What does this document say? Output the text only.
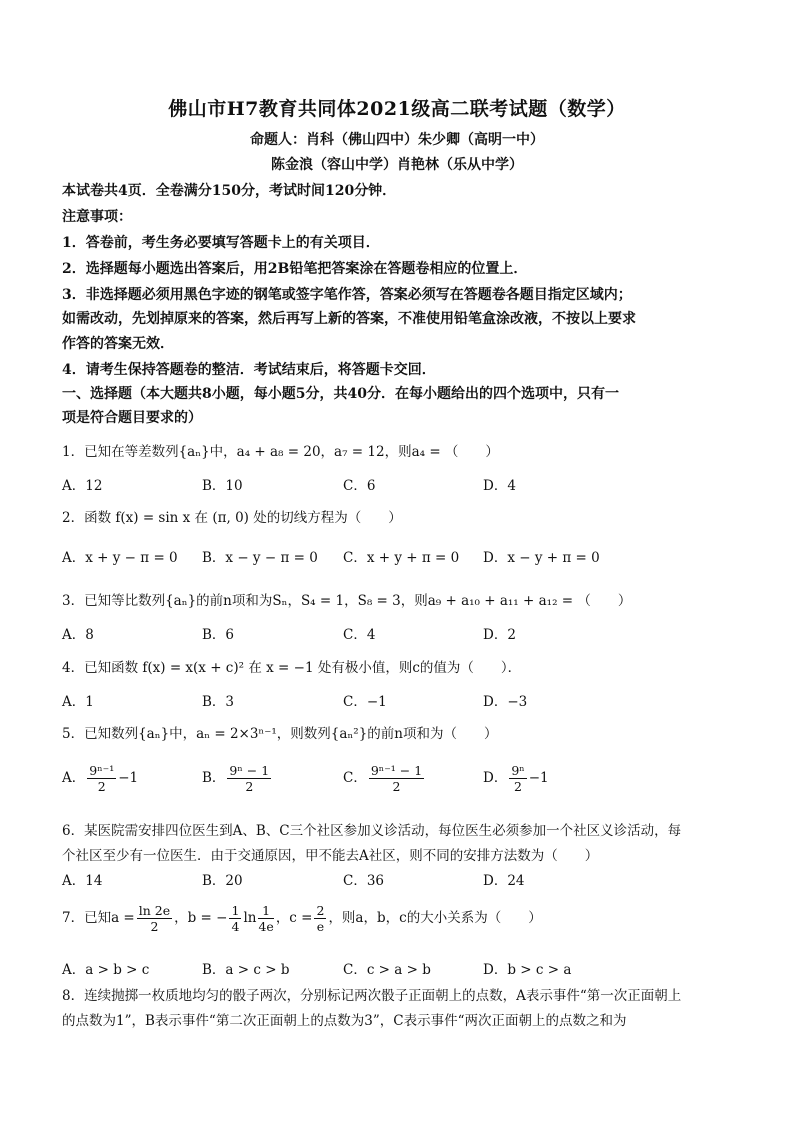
佛山市H7教育共同体2021级高二联考试题（数学）
命题人：肖科（佛山四中）朱少卿（高明一中）
陈金浪（容山中学）肖艳林（乐从中学）
本试卷共4页．全卷满分150分，考试时间120分钟．
注意事项：
1．答卷前，考生务必要填写答题卡上的有关项目．
2．选择题每小题选出答案后，用2B铅笔把答案涂在答题卷相应的位置上．
3．非选择题必须用黑色字迹的钢笔或签字笔作答，答案必须写在答题卷各题目指定区域内；
如需改动，先划掉原来的答案，然后再写上新的答案，不准使用铅笔盒涂改液，不按以上要求
作答的答案无效．
4．请考生保持答题卷的整洁．考试结束后，将答题卡交回．
一、选择题（本大题共8小题，每小题5分，共40分．在每小题给出的四个选项中，只有一
项是符合题目要求的）
1．已知在等差数列{aₙ}中，a₄ + a₈ = 20，a₇ = 12，则a₄ = （　　）
A．12	B．10	C．6	D．4
2．函数 f(x) = sin x 在 (π, 0) 处的切线方程为（　　）
A．x + y − π = 0 B．x − y − π = 0 C．x + y + π = 0 D．x − y + π = 0
3．已知等比数列{aₙ}的前n项和为Sₙ，S₄ = 1，S₈ = 3，则a₉ + a₁₀ + a₁₁ + a₁₂ = （　　）
A．8	B．6	C．4	D．2
4．已知函数 f(x) = x(x + c)² 在 x = −1 处有极小值，则c的值为（　　）．
A．1	B．3	C．−1	D．−3
5．已知数列{aₙ}中，aₙ = 2×3ⁿ⁻¹，则数列{aₙ²}的前n项和为（　　）
A． $\frac{\text{9ⁿ⁻¹}}{2} -1$	B． $\frac{\text{9ⁿ − 1}}{2}$	C． $\frac{\text{9ⁿ⁻¹ − 1}}{2}$	D． $\frac{\text{9ⁿ}}{2} -1$
6．某医院需安排四位医生到A、B、C三个社区参加义诊活动，每位医生必须参加一个社区义诊活动，每
个社区至少有一位医生．由于交通原因，甲不能去A社区，则不同的安排方法数为（　　）
A．14	B．20	C．36	D．24
7．已知$a = \frac{\ln 2e}{2}$ ，b = − $\frac{1}{4}$ $\ln \frac{1}{4e}$ ，$c = \frac{2}{e}$ ，则a，b，c的大小关系为（　　）
A．a > b > c	B．a > c > b	C．c > a > b	D．b > c > a
8．连续抛掷一枚质地均匀的骰子两次，分别标记两次骰子正面朝上的点数，A表示事件“第一次正面朝上
的点数为1”，B表示事件“第二次正面朝上的点数为3”，C表示事件“两次正面朝上的点数之和为
